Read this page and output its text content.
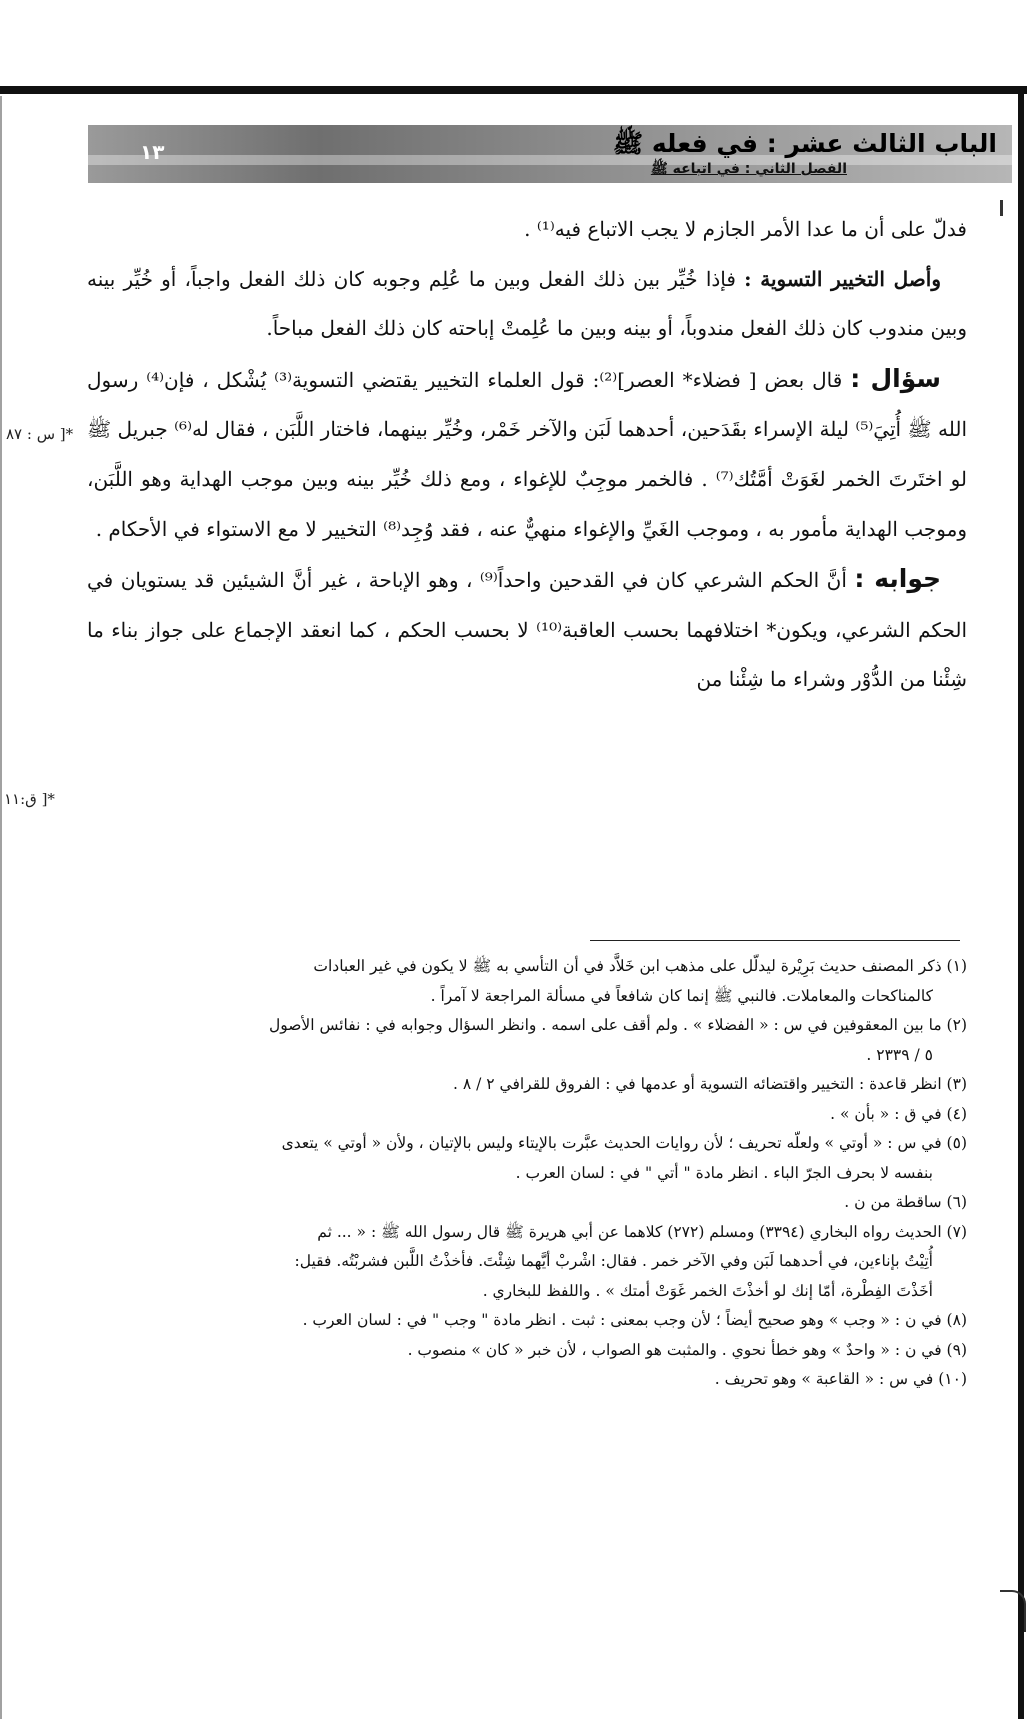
الباب الثالث عشر : في فعله ﷺ
الفصل الثاني : في اتباعه ﷺ
١٣

فدلّ على أن ما عدا الأمر الجازم لا يجب الاتباع فيه⁽¹⁾ .

وأصل التخيير التسوية : فإذا خُيِّر بين ذلك الفعل وبين ما عُلِم وجوبه كان ذلك الفعل واجباً، أو خُيِّر بينه وبين مندوب كان ذلك الفعل مندوباً، أو بينه وبين ما عُلِمتْ إباحته كان ذلك الفعل مباحاً.

سؤال : قال بعض [ فضلاء* العصر]⁽²⁾: قول العلماء التخيير يقتضي التسوية⁽³⁾ يُشْكل ، فإن⁽⁴⁾ رسول الله ﷺ أُتِيَ⁽⁵⁾ ليلة الإسراء بقَدَحين، أحدهما لَبَن والآخر خَمْر، وخُيِّر بينهما، فاختار اللَّبَن ، فقال له⁽⁶⁾ جبريل ﷺ لو اختَرتَ الخمر لغَوَتْ أمَّتُك⁽⁷⁾ . فالخمر موجِبٌ للإغواء ، ومع ذلك خُيِّر بينه وبين موجب الهداية وهو اللَّبَن، وموجب الهداية مأمور به ، وموجب الغَيِّ والإغواء منهيٌّ عنه ، فقد وُجِد⁽⁸⁾ التخيير لا مع الاستواء في الأحكام .

جوابه : أنَّ الحكم الشرعي كان في القدحين واحداً⁽⁹⁾ ، وهو الإباحة ، غير أنَّ الشيئين قد يستويان في الحكم الشرعي، ويكون* اختلافهما بحسب العاقبة⁽¹⁰⁾ لا بحسب الحكم ، كما انعقد الإجماع على جواز بناء ما شِئْنا من الدُّوْر وشراء ما شِئْنا من

*[ س : ٨٧
*[ ق:١١

(١) ذكر المصنف حديث بَرِيْرة ليدلّل على مذهب ابن خَلاَّد في أن التأسي به ﷺ لا يكون في غير العبادات

كالمناكحات والمعاملات. فالنبي ﷺ إنما كان شافعاً في مسألة المراجعة لا آمراً .

(٢) ما بين المعقوفين في س : « الفضلاء » . ولم أقف على اسمه . وانظر السؤال وجوابه في : نفائس الأصول

٥ / ٢٣٣٩ .

(٣) انظر قاعدة : التخيير واقتضائه التسوية أو عدمها في : الفروق للقرافي ٢ / ٨ .

(٤) في ق : « بأن » .

(٥) في س : « أوتي » ولعلّه تحريف ؛ لأن روايات الحديث عبَّرت بالإيتاء وليس بالإتيان ، ولأن « أوتي » يتعدى

بنفسه لا بحرف الجرّ الباء . انظر مادة " أتي " في : لسان العرب .

(٦) ساقطة من ن .

(٧) الحديث رواه البخاري (٣٣٩٤) ومسلم (٢٧٢) كلاهما عن أبي هريرة ﷺ قال رسول الله ﷺ : « ... ثم

أُتِيْتُ بإناءين، في أحدهما لَبَن وفي الآخر خمر . فقال: اشْربْ أيَّهما شِئْتَ. فأخذْتُ اللَّبن فشربْتُه. فقيل:

أخَذْتَ الفِطْرة، أمّا إنك لو أخذْتَ الخمر غَوَتْ أمتك » . واللفظ للبخاري .

(٨) في ن : « وجب » وهو صحيح أيضاً ؛ لأن وجب بمعنى : ثبت . انظر مادة " وجب " في : لسان العرب .

(٩) في ن : « واحدٌ » وهو خطأ نحوي . والمثبت هو الصواب ، لأن خبر « كان » منصوب .

(١٠) في س : « القاعبة » وهو تحريف .
